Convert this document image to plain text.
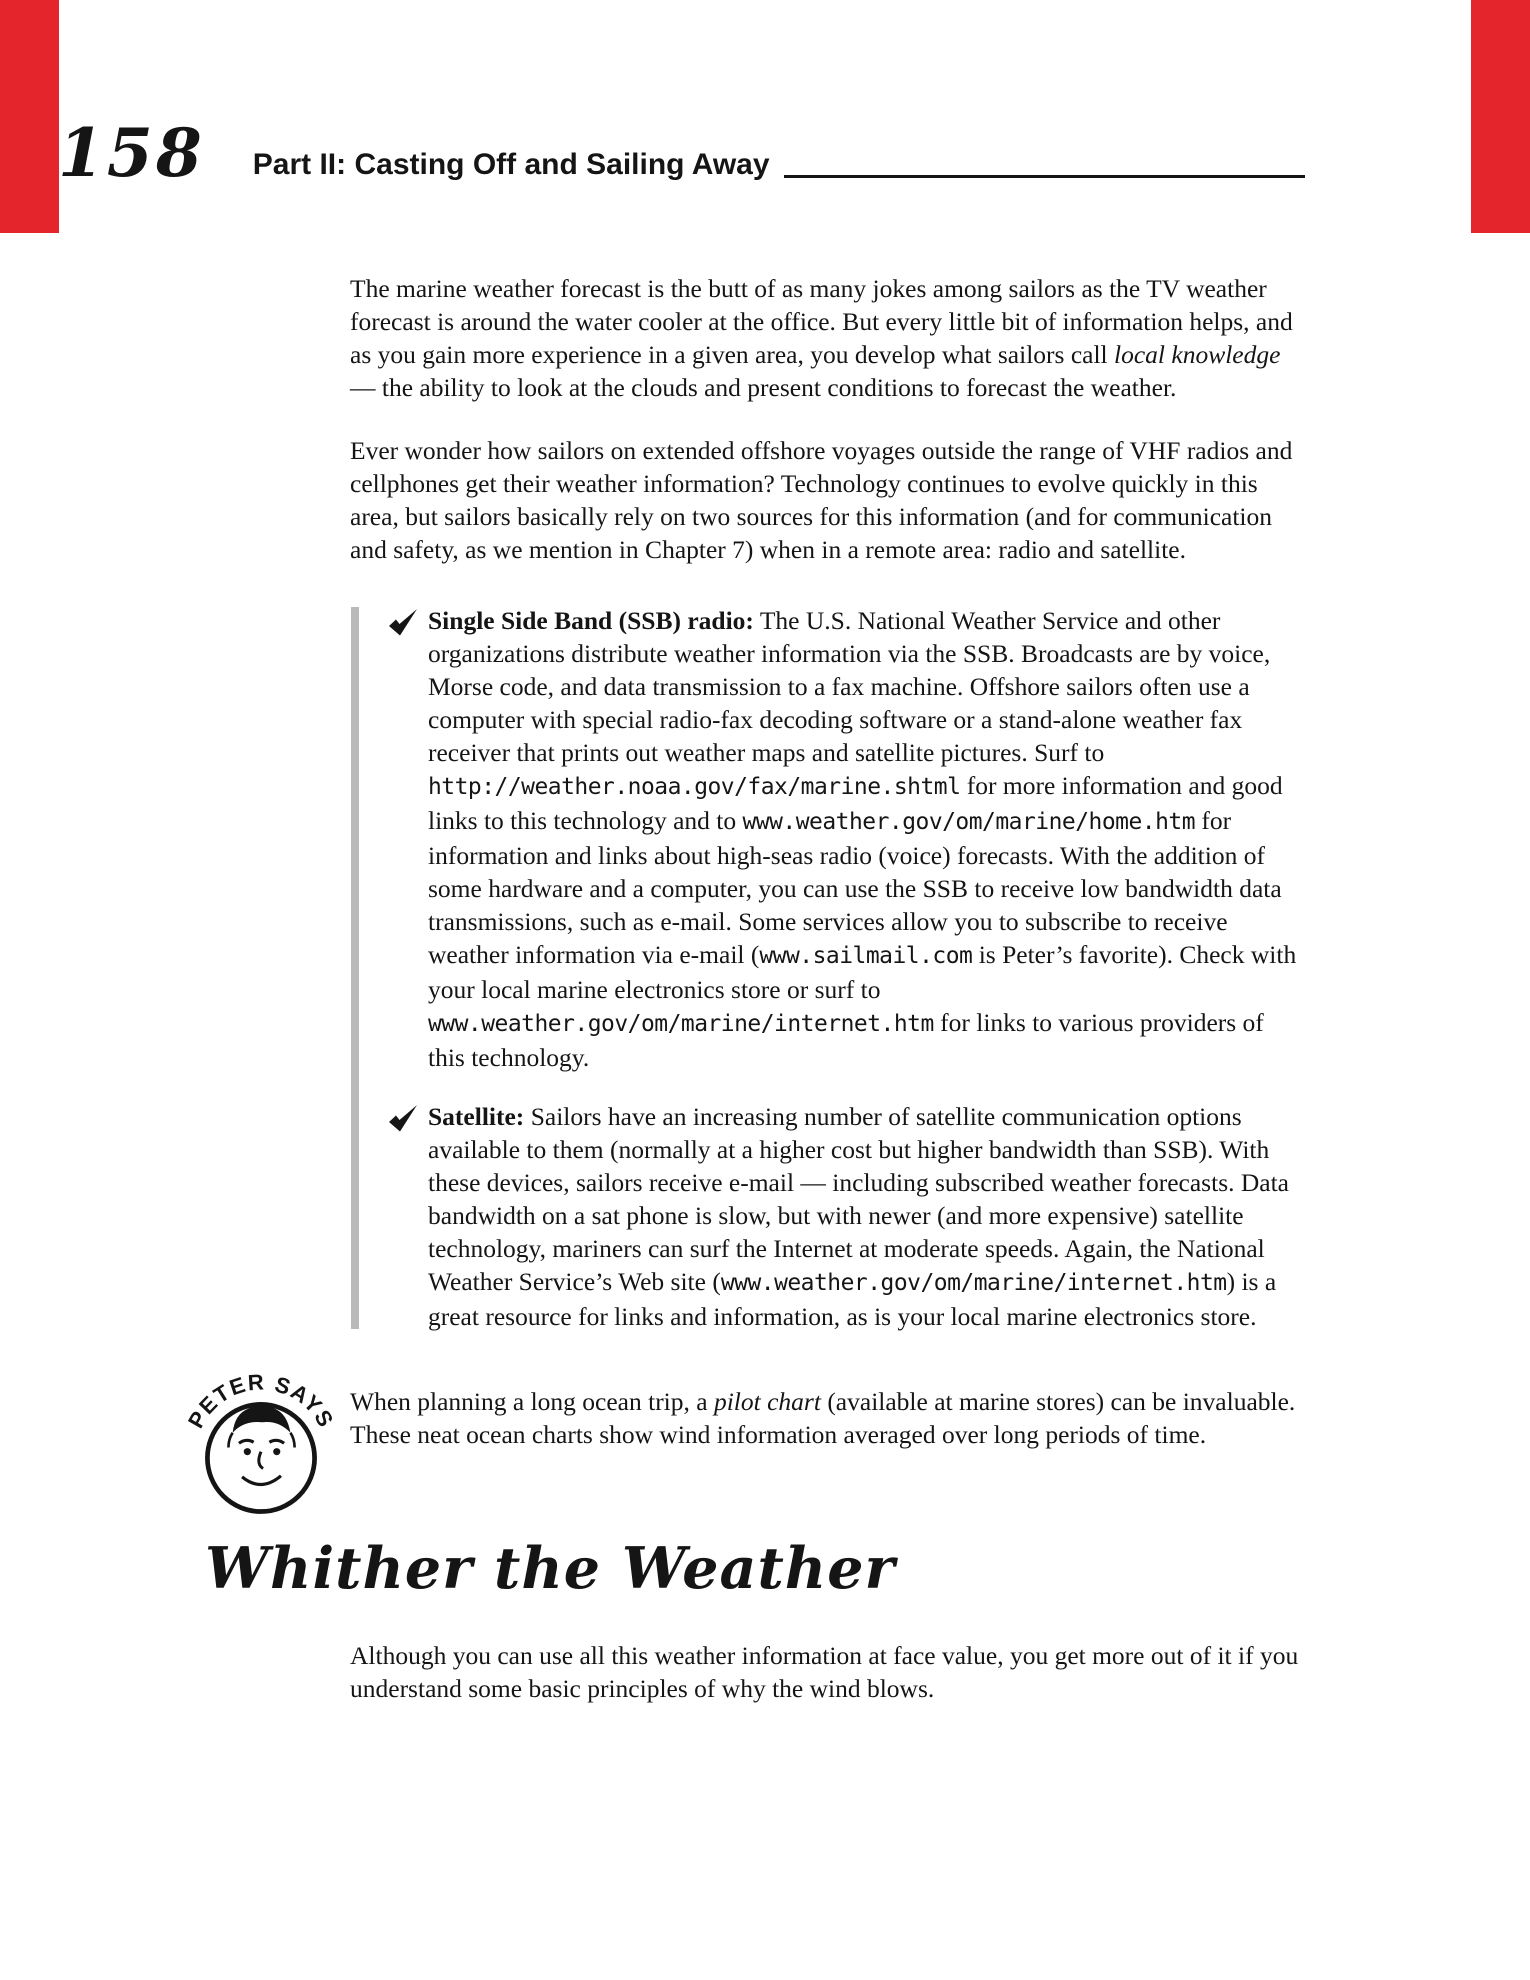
158 Part II: Casting Off and Sailing Away

The marine weather forecast is the butt of as many jokes among sailors as the TV weather forecast is around the water cooler at the office. But every little bit of information helps, and as you gain more experience in a given area, you develop what sailors call local knowledge — the ability to look at the clouds and present conditions to forecast the weather.

Ever wonder how sailors on extended offshore voyages outside the range of VHF radios and cellphones get their weather information? Technology continues to evolve quickly in this area, but sailors basically rely on two sources for this information (and for communication and safety, as we mention in Chapter 7) when in a remote area: radio and satellite.

Single Side Band (SSB) radio: The U.S. National Weather Service and other organizations distribute weather information via the SSB. Broadcasts are by voice, Morse code, and data transmission to a fax machine. Offshore sailors often use a computer with special radio-fax decoding software or a stand-alone weather fax receiver that prints out weather maps and satellite pictures. Surf to http://weather.noaa.gov/fax/marine.shtml for more information and good links to this technology and to www.weather.gov/om/marine/home.htm for information and links about high-seas radio (voice) forecasts. With the addition of some hardware and a computer, you can use the SSB to receive low bandwidth data transmissions, such as e-mail. Some services allow you to subscribe to receive weather information via e-mail (www.sailmail.com is Peter’s favorite). Check with your local marine electronics store or surf to www.weather.gov/om/marine/internet.htm for links to various providers of this technology.

Satellite: Sailors have an increasing number of satellite communication options available to them (normally at a higher cost but higher bandwidth than SSB). With these devices, sailors receive e-mail — including subscribed weather forecasts. Data bandwidth on a sat phone is slow, but with newer (and more expensive) satellite technology, mariners can surf the Internet at moderate speeds. Again, the National Weather Service’s Web site (www.weather.gov/om/marine/internet.htm) is a great resource for links and information, as is your local marine electronics store.

PETER SAYS

When planning a long ocean trip, a pilot chart (available at marine stores) can be invaluable. These neat ocean charts show wind information averaged over long periods of time.

Whither the Weather

Although you can use all this weather information at face value, you get more out of it if you understand some basic principles of why the wind blows.
